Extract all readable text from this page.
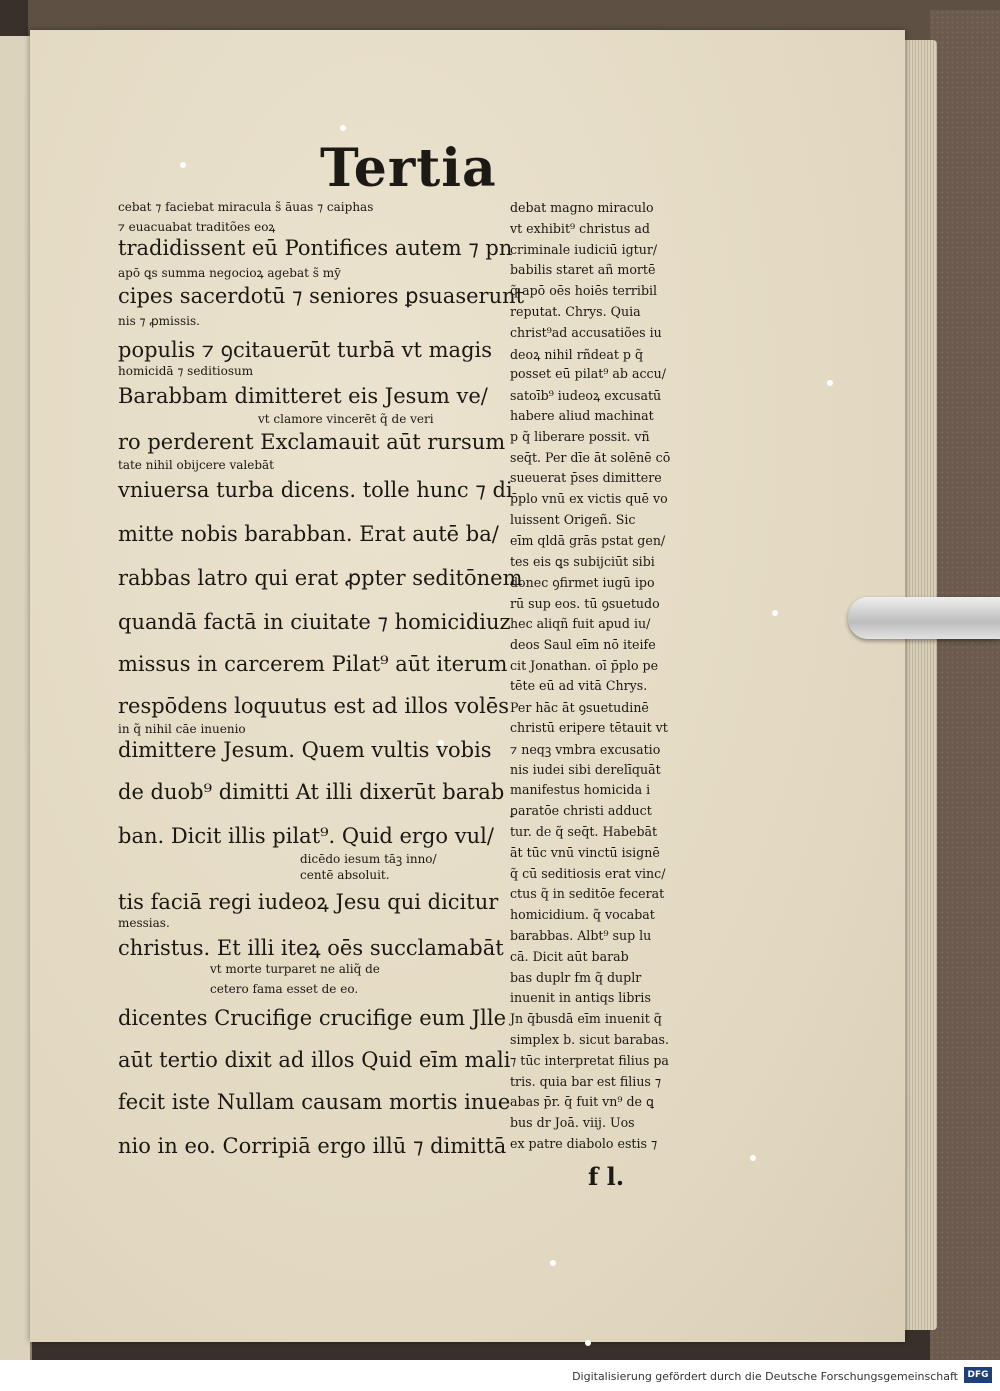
Tertia
cebat ⁊ faciebat miracula s̃ āuas ⁊ caiphas
⁊ euacuabat traditões eoꝝ
tradidissent eū Pontifices autem ⁊ pn
apō ꝗs summa negocioꝝ agebat s̃ mȳ
cipes sacerdotū ⁊ seniores ꝑsuaserunt
nis ⁊ ꝓmissis.
populis ⁊ ꝯcitauerūt turbā vt magis
homicidā ⁊ seditiosum
Barabbam dimitteret eis Jesum ve/
vt clamore vincerēt q̃ de veri
ro perderent Exclamauit aūt rursum
tate nihil obijcere valebāt
vniuersa turba dicens. tolle hunc ⁊ di
mitte nobis barabban. Erat autē ba/
rabbas latro qui erat ꝓpter seditōnem
quandā factā in ciuitate ⁊ homicidiuz
missus in carcerem Pilat⁹ aūt iterum
respōdens loquutus est ad illos volēs
in q̃ nihil cāe inuenio
dimittere Jesum. Quem vultis vobis
de duob⁹ dimitti At illi dixerūt barab
ban. Dicit illis pilat⁹. Quid ergo vul/
dicēdo iesum tāꝫ inno/
centē absoluit.
tis faciā regi iudeoꝝ Jesu qui dicitur
messias.
christus. Et illi iteꝝ oēs succlamabāt
vt morte turparet ne aliq̃ de
cetero fama esset de eo.
dicentes Crucifige crucifige eum Jlle
aūt tertio dixit ad illos Quid eīm mali
fecit iste Nullam causam mortis inue
nio in eo. Corripiā ergo illū ⁊ dimittā
debat magno miraculo
vt exhibit⁹ christus ad
criminale iudiciū igtur/
babilis staret añ mortē
q̃ apō oēs hoiēs terribil
reputat. Chrys. Quia
christ⁹ad accusatiões iu
deoꝝ nihil rñdeat p q̃
posset eū pilat⁹ ab accu/
satoīb⁹ iudeoꝝ excusatū
habere aliud machinat
p q̃ liberare possit. vñ
seq̄t. Per dīe āt solēnē cō
sueuerat p̄ses dimittere
p̄plo vnū ex victis quē vo
luissent Origeñ. Sic
eīm qldā grās pstat gen/
tes eis ꝗs subijciūt sibi
donec ꝯfirmet iugū ipo
rū sup eos. tū ꝯsuetudo
hec aliqñ fuit apud iu/
deos Saul eīm nō iteife
cit Jonathan. oī p̄plo pe
tēte eū ad vitā Chrys.
Per hāc āt ꝯsuetudinē
christū eripere tētauit vt
⁊ neqꝫ vmbra excusatio
nis iudei sibi derelīquāt
manifestus homicida i
ꝑaratōe christi adduct
tur. de q̃ seq̄t. Habebāt
āt tūc vnū vinctū isignē
q̃ cū seditiosis erat vinc/
ctus q̃ in seditōe fecerat
homicidium. q̃ vocabat
barabbas. Albt⁹ sup lu
cā. Dicit aūt barab
bas duplr fm q̃ duplr
inuenit in antiqs libris
Jn q̄busdā eīm inuenit q̃
simplex b. sicut barabas.
⁊ tūc interpretat filius pa
tris. quia bar est filius ⁊
abas p̄r. q̄ fuit vn⁹ de ꝗ
bus dr Joā. viij. Uos
ex patre diabolo estis ⁊
f l.
Digitalisierung gefördert durch die Deutsche Forschungsgemeinschaft	DFG
